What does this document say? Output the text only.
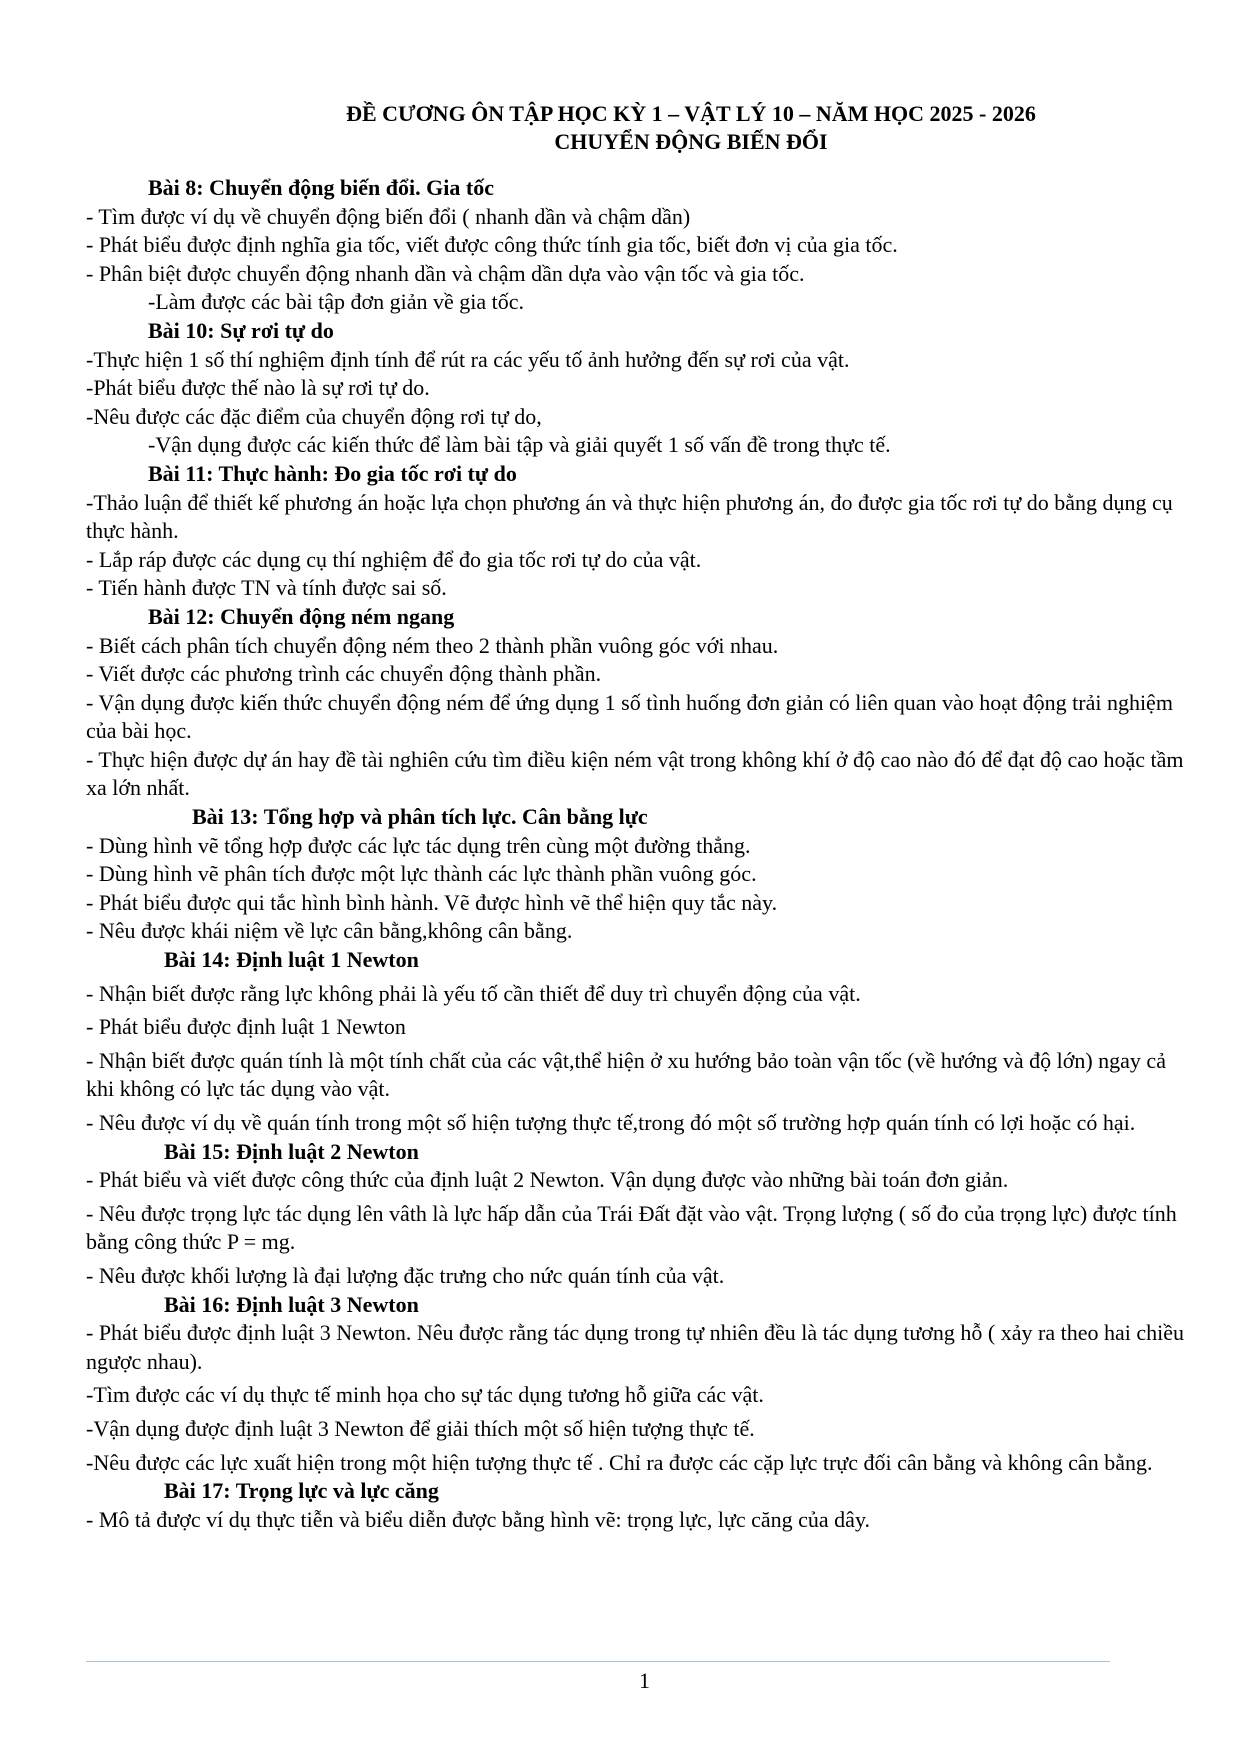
ĐỀ CƯƠNG ÔN TẬP HỌC KỲ 1 – VẬT LÝ 10 – NĂM HỌC 2025 - 2026
CHUYỂN ĐỘNG BIẾN ĐỔI
Bài 8: Chuyển động biến đổi. Gia tốc
- Tìm được ví dụ về chuyển động biến đổi ( nhanh dần và chậm dần)
- Phát biểu được định nghĩa gia tốc, viết được công thức tính gia tốc, biết đơn vị của gia tốc.
- Phân biệt được chuyển động nhanh dần và chậm dần dựa vào vận tốc và gia tốc.
-Làm được các bài tập đơn giản về gia tốc.
Bài 10: Sự rơi tự do
-Thực hiện 1 số thí nghiệm định tính để rút ra các yếu tố ảnh hưởng đến sự rơi của vật.
-Phát biểu được thế nào là sự rơi tự do.
-Nêu được các đặc điểm của chuyển động rơi tự do,
-Vận dụng được các kiến thức để làm bài tập và giải quyết 1 số vấn đề trong thực tế.
Bài 11: Thực hành: Đo gia tốc rơi tự do
-Thảo luận để thiết kế phương án hoặc lựa chọn phương án và thực hiện phương án, đo được gia tốc rơi tự do bằng dụng cụ thực hành.
- Lắp ráp được các dụng cụ thí nghiệm để đo gia tốc rơi tự do của vật.
- Tiến hành được TN và tính được sai số.
Bài 12: Chuyển động ném ngang
- Biết cách phân tích chuyển động ném theo 2 thành phần vuông góc với nhau.
- Viết được các phương trình các chuyển động thành phần.
- Vận dụng được kiến thức chuyển động ném để ứng dụng 1 số tình huống đơn giản có liên quan vào hoạt động trải nghiệm của bài học.
- Thực hiện được dự án hay đề tài nghiên cứu tìm điều kiện ném vật trong không khí ở độ cao nào đó để đạt độ cao hoặc tầm xa lớn nhất.
Bài 13: Tổng hợp và phân tích lực. Cân bằng lực
- Dùng hình vẽ tổng hợp được các lực tác dụng trên cùng một đường thẳng.
- Dùng hình vẽ phân tích được một lực thành các lực thành phần vuông góc.
- Phát biểu được qui tắc hình bình hành. Vẽ được hình vẽ thể hiện quy tắc này.
- Nêu được khái niệm về lực cân bằng,không cân bằng.
Bài 14: Định luật 1 Newton
- Nhận biết được rằng lực không phải là yếu tố cần thiết để duy trì chuyển động của vật.
- Phát biểu được định luật 1 Newton
- Nhận biết được quán tính là một tính chất của các vật,thể hiện ở xu hướng bảo toàn vận tốc (về hướng và độ lớn) ngay cả khi không có lực tác dụng vào vật.
- Nêu được ví dụ về quán tính trong một số hiện tượng thực tế,trong đó một số trường hợp quán tính có lợi hoặc có hại.
Bài 15: Định luật 2 Newton
- Phát biểu và viết được công thức của định luật 2 Newton. Vận dụng được vào những bài toán đơn giản.
- Nêu được trọng lực tác dụng lên vâth là lực hấp dẫn của Trái Đất đặt vào vật. Trọng lượng ( số đo của trọng lực) được tính bằng công thức P = mg.
- Nêu được khối lượng là đại lượng đặc trưng cho nức quán tính của vật.
Bài 16: Định luật 3 Newton
- Phát biểu được định luật 3 Newton. Nêu được rằng tác dụng trong tự nhiên đều là tác dụng tương hỗ ( xảy ra theo hai chiều ngược nhau).
-Tìm được các ví dụ thực tế minh họa cho sự tác dụng tương hỗ giữa các vật.
-Vận dụng được định luật 3 Newton để giải thích một số hiện tượng thực tế.
-Nêu được các lực xuất hiện trong một hiện tượng thực tế . Chỉ ra được các cặp lực trực đối cân bằng và không cân bằng.
Bài 17: Trọng lực và lực căng
- Mô tả được ví dụ thực tiễn và biểu diễn được bằng hình vẽ: trọng lực, lực căng của dây.
1
